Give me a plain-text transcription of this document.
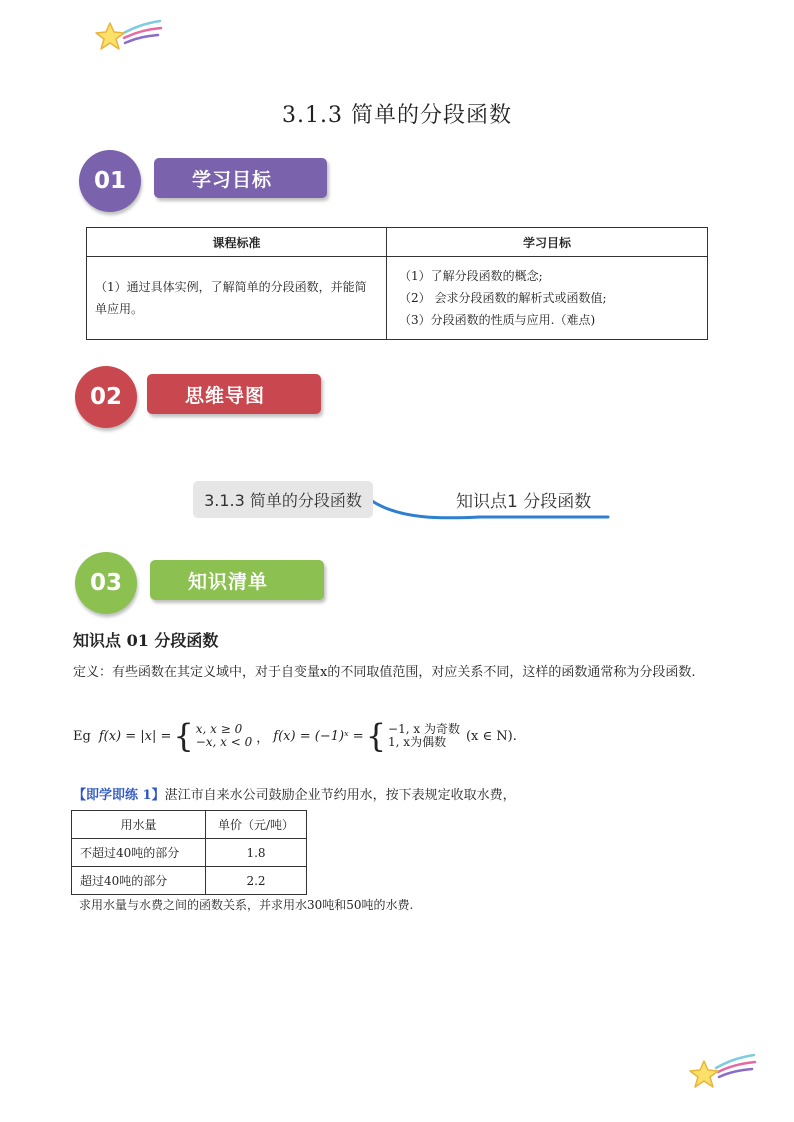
3.1.3 简单的分段函数
学习目标
01
课程标准	学习目标
（1）通过具体实例，了解简单的分段函数，并能简单应用。	（1）了解分段函数的概念;
（2） 会求分段函数的解析式或函数值;
（3）分段函数的性质与应用.（难点)
思维导图
02
3.1.3 简单的分段函数	知识点1 分段函数
知识清单
03
知识点 01 分段函数
定义：有些函数在其定义域中，对于自变量x的不同取值范围，对应关系不同，这样的函数通常称为分段函数.
Eg f(x) = |x| = { x, x ≥ 0
−x, x < 0 ， f(x) = (−1)ˣ = { −1, x 为奇数
1, x为偶数	(x ∈ N).
【即学即练 1】湛江市自来水公司鼓励企业节约用水，按下表规定收取水费，
用水量	单价（元/吨）
不超过40吨的部分	1.8
超过40吨的部分	2.2
求用水量与水费之间的函数关系，并求用水30吨和50吨的水费.
